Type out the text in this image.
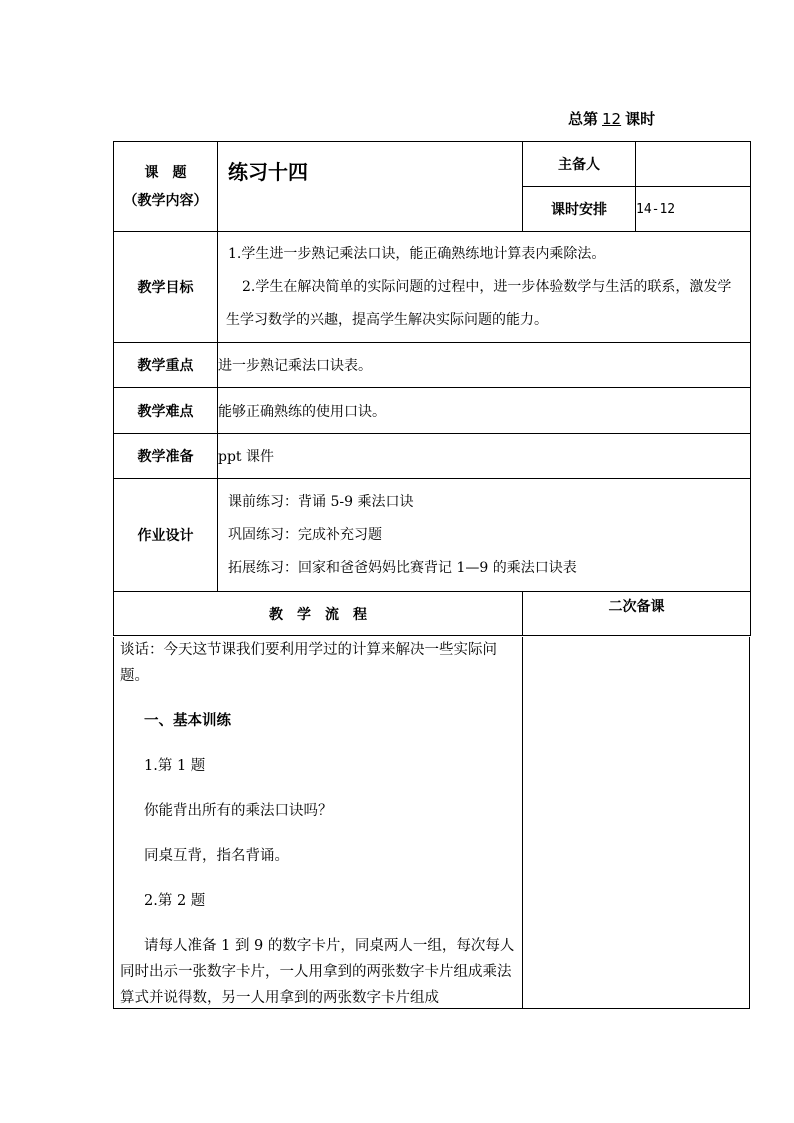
总第 12 课时
课　题
（教学内容）	练习十四	主备人	
		课时安排	14-12
教学目标	1.学生进一步熟记乘法口诀，能正确熟练地计算表内乘除法。

2.学生在解决简单的实际问题的过程中，进一步体验数学与生活的联系，激发学生学习数学的兴趣，提高学生解决实际问题的能力。		

教学重点	进一步熟记乘法口诀表。		
教学难点	能够正确熟练的使用口诀。		
教学准备	ppt 课件		
作业设计	课前练习：背诵 5-9 乘法口诀

巩固练习：完成补充习题

拓展练习：回家和爸爸妈妈比赛背记 1—9 的乘法口诀表		

教　学　流　程		二次备课	

谈话：今天这节课我们要利用学过的计算来解决一些实际问题。

一、基本训练

1.第 1 题

你能背出所有的乘法口诀吗？

同桌互背，指名背诵。

2.第 2 题

请每人准备 1 到 9 的数字卡片，同桌两人一组，每次每人同时出示一张数字卡片，一人用拿到的两张数字卡片组成乘法算式并说得数，另一人用拿到的两张数字卡片组成
